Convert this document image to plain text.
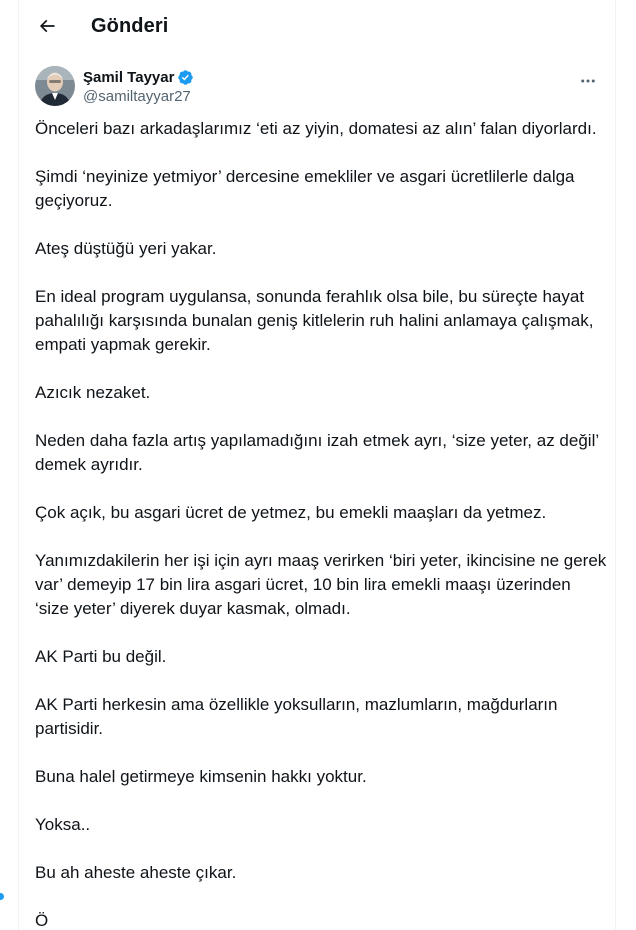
Gönderi
Şamil Tayyar
@samiltayyar27

Önceleri bazı arkadaşlarımız ‘eti az yiyin, domatesi az alın’ falan diyorlardı.

Şimdi ‘neyinize yetmiyor’ dercesine emekliler ve asgari ücretlilerle dalga geçiyoruz.

Ateş düştüğü yeri yakar.

En ideal program uygulansa, sonunda ferahlık olsa bile, bu süreçte hayat pahalılığı karşısında bunalan geniş kitlelerin ruh halini anlamaya çalışmak, empati yapmak gerekir.

Azıcık nezaket.

Neden daha fazla artış yapılamadığını izah etmek ayrı, ‘size yeter, az değil’ demek ayrıdır.

Çok açık, bu asgari ücret de yetmez, bu emekli maaşları da yetmez.

Yanımızdakilerin her işi için ayrı maaş verirken ‘biri yeter, ikincisine ne gerek var’ demeyip 17 bin lira asgari ücret, 10 bin lira emekli maaşı üzerinden ‘size yeter’ diyerek duyar kasmak, olmadı.

AK Parti bu değil.

AK Parti herkesin ama özellikle yoksulların, mazlumların, mağdurların partisidir.

Buna halel getirmeye kimsenin hakkı yoktur.

Yoksa..

Bu ah aheste aheste çıkar.

Ö
